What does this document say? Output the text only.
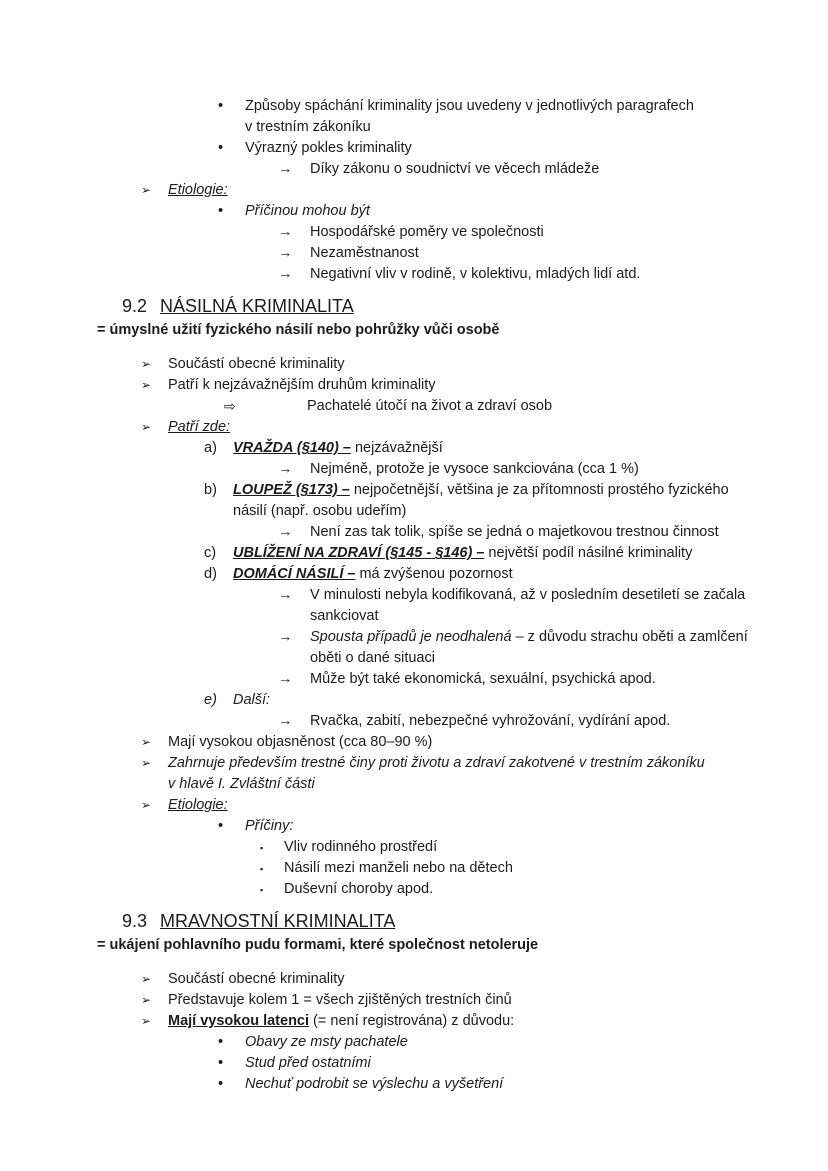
• Způsoby spáchání kriminality jsou uvedeny v jednotlivých paragrafech
v trestním zákoníku
• Výrazný pokles kriminality
→ Díky zákonu o soudnictví ve věcech mládeže
➢ Etiologie:
• Příčinou mohou být
→ Hospodářské poměry ve společnosti
→ Nezaměstnanost
→ Negativní vliv v rodině, v kolektivu, mladých lidí atd.
9.2 NÁSILNÁ KRIMINALITA
= úmyslné užití fyzického násilí nebo pohrůžky vůči osobě
➢ Součástí obecné kriminality
➢ Patří k nejzávažnějším druhům kriminality
⇨	Pachatelé útočí na život a zdraví osob
➢ Patří zde:
a) VRAŽDA (§140) – nejzávažnější
→ Nejméně, protože je vysoce sankciována (cca 1 %)
b) LOUPEŽ (§173) – nejpočetnější, většina je za přítomnosti prostého fyzického
násilí (např. osobu udeřím)
→ Není zas tak tolik, spíše se jedná o majetkovou trestnou činnost
c) UBLÍŽENÍ NA ZDRAVÍ (§145 - §146) – největší podíl násilné kriminality
d) DOMÁCÍ NÁSILÍ – má zvýšenou pozornost
→ V minulosti nebyla kodifikovaná, až v posledním desetiletí se začala
sankciovat
→ Spousta případů je neodhalená – z důvodu strachu oběti a zamlčení
oběti o dané situaci
→ Může být také ekonomická, sexuální, psychická apod.
e) Další:
→ Rvačka, zabití, nebezpečné vyhrožování, vydírání apod.
➢ Mají vysokou objasněnost (cca 80–90 %)
➢ Zahrnuje především trestné činy proti životu a zdraví zakotvené v trestním zákoníku
v hlavě I. Zvláštní části
➢ Etiologie:
• Příčiny:
▪ Vliv rodinného prostředí
▪ Násilí mezi manželi nebo na dětech
▪ Duševní choroby apod.
9.3 MRAVNOSTNÍ KRIMINALITA
= ukájení pohlavního pudu formami, které společnost netoleruje
➢ Součástí obecné kriminality
➢ Představuje kolem 1 = všech zjištěných trestních činů
➢ Mají vysokou latenci (= není registrována) z důvodu:
• Obavy ze msty pachatele
• Stud před ostatními
• Nechuť podrobit se výslechu a vyšetření
